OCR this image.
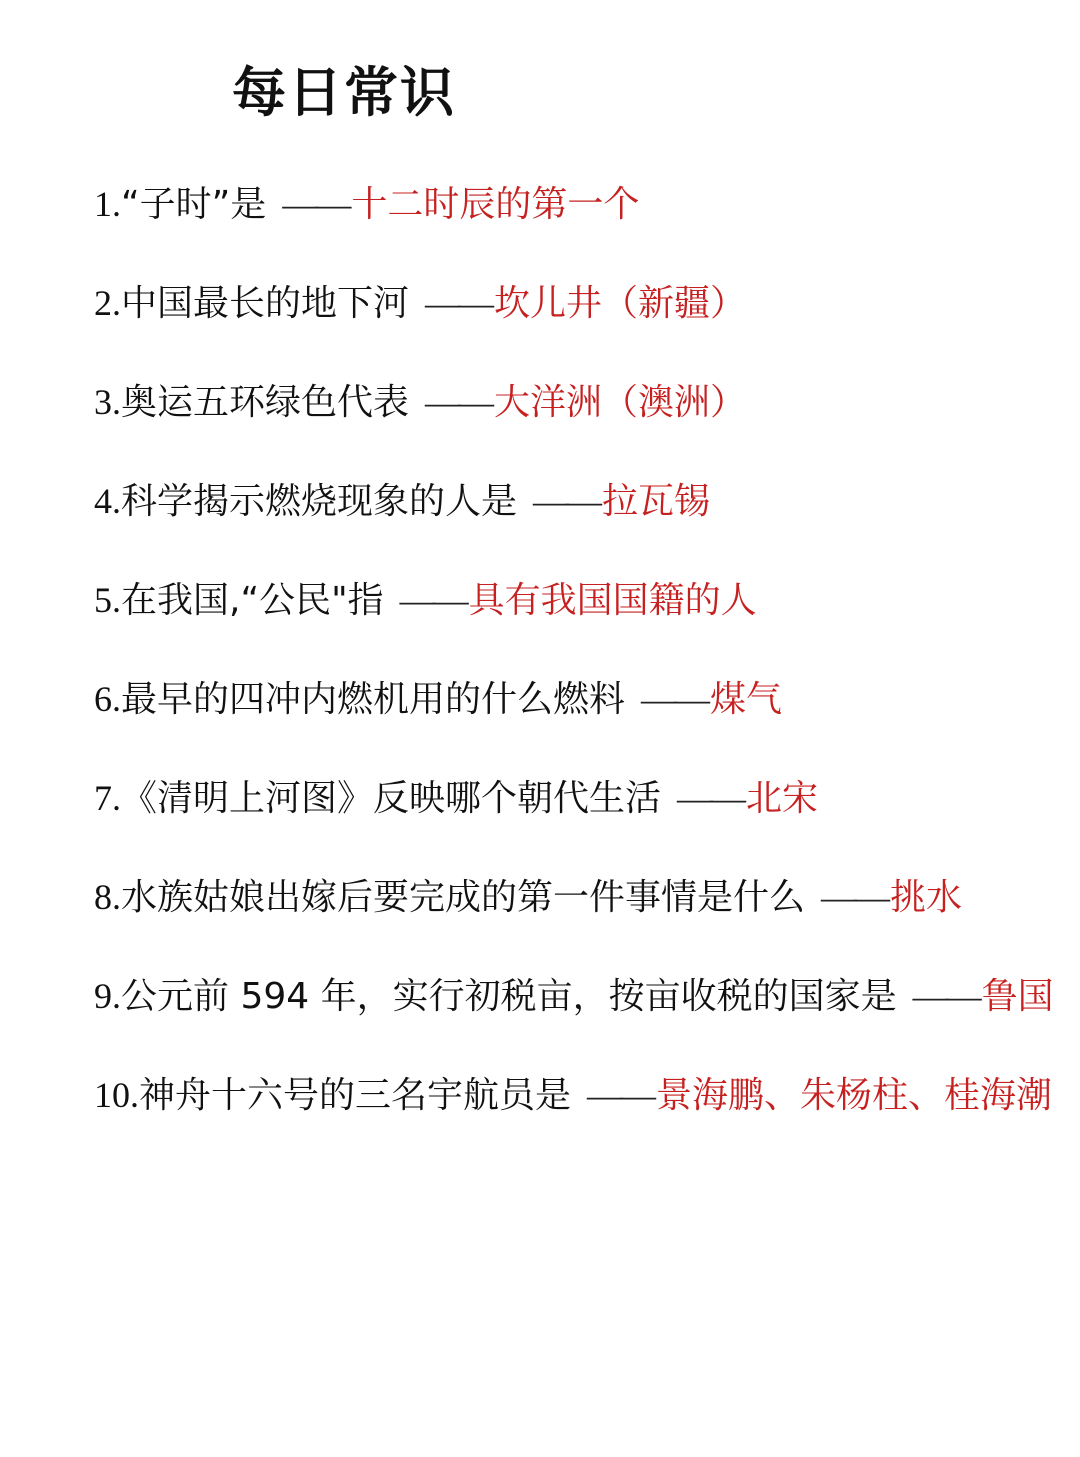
每日常识
1.“子时”是 ——十二时辰的第一个
2.中国最长的地下河 ——坎儿井（新疆）
3.奥运五环绿色代表 ——大洋洲（澳洲）
4.科学揭示燃烧现象的人是 ——拉瓦锡
5.在我国,“公民"指 ——具有我国国籍的人
6.最早的四冲内燃机用的什么燃料 ——煤气
7.《清明上河图》反映哪个朝代生活 ——北宋
8.水族姑娘出嫁后要完成的第一件事情是什么 ——挑水
9.公元前 594 年，实行初税亩，按亩收税的国家是 ——鲁国
10.神舟十六号的三名宇航员是 ——景海鹏、朱杨柱、桂海潮
